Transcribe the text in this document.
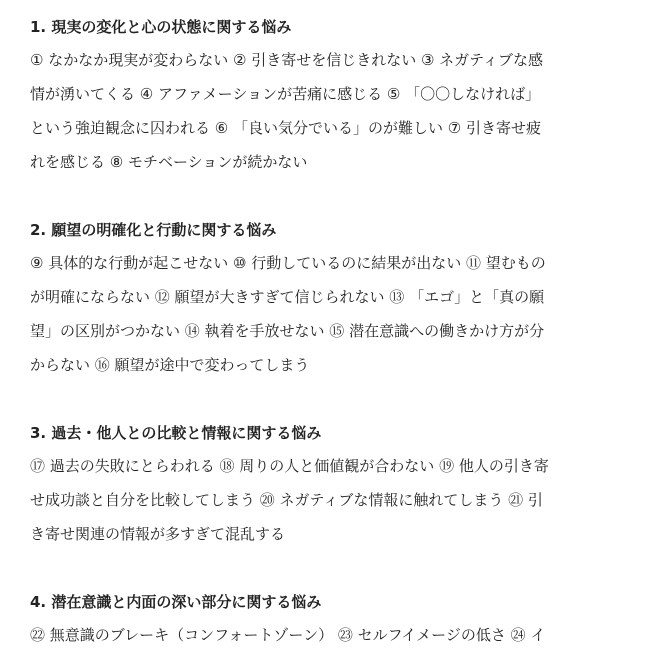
1. 現実の変化と心の状態に関する悩み

① なかなか現実が変わらない ② 引き寄せを信じきれない ③ ネガティブな感
情が湧いてくる ④ アファメーションが苦痛に感じる ⑤ 「〇〇しなければ」
という強迫観念に囚われる ⑥ 「良い気分でいる」のが難しい ⑦ 引き寄せ疲
れを感じる ⑧ モチベーションが続かない

2. 願望の明確化と行動に関する悩み

⑨ 具体的な行動が起こせない ⑩ 行動しているのに結果が出ない ⑪ 望むもの
が明確にならない ⑫ 願望が大きすぎて信じられない ⑬ 「エゴ」と「真の願
望」の区別がつかない ⑭ 執着を手放せない ⑮ 潜在意識への働きかけ方が分
からない ⑯ 願望が途中で変わってしまう

3. 過去・他人との比較と情報に関する悩み

⑰ 過去の失敗にとらわれる ⑱ 周りの人と価値観が合わない ⑲ 他人の引き寄
せ成功談と自分を比較してしまう ⑳ ネガティブな情報に触れてしまう ㉑ 引
き寄せ関連の情報が多すぎて混乱する

4. 潜在意識と内面の深い部分に関する悩み

㉒ 無意識のブレーキ（コンフォートゾーン） ㉓ セルフイメージの低さ ㉔ イ
